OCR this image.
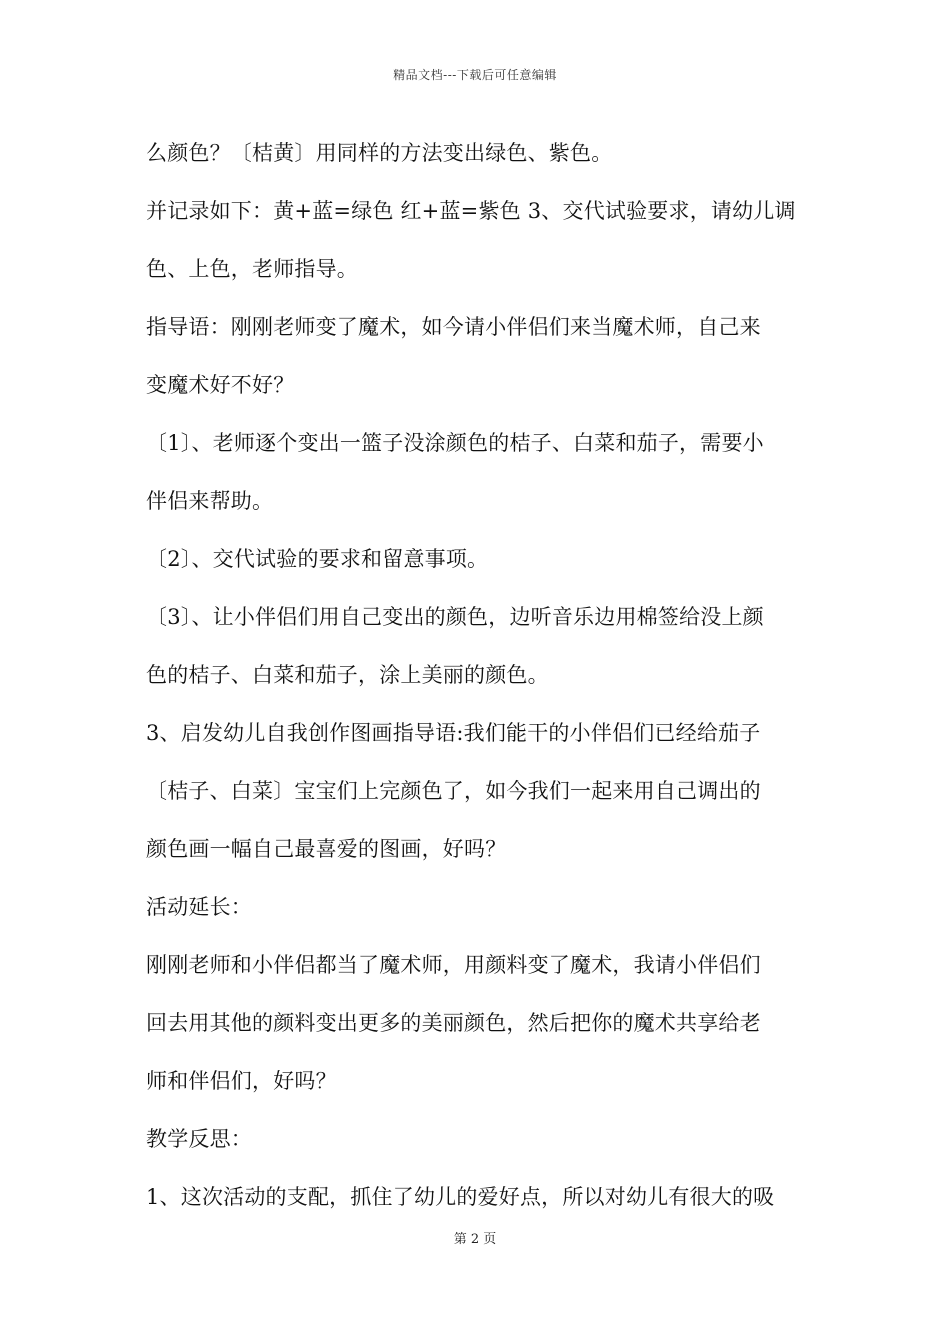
精品文档---下载后可任意编辑
么颜色？〔桔黄〕用同样的方法变出绿色、紫色。
并记录如下：黄+蓝=绿色 红+蓝=紫色 3、交代试验要求，请幼儿调
色、上色，老师指导。
指导语：刚刚老师变了魔术，如今请小伴侣们来当魔术师，自己来
变魔术好不好？
〔1〕、老师逐个变出一篮子没涂颜色的桔子、白菜和茄子，需要小
伴侣来帮助。
〔2〕、交代试验的要求和留意事项。
〔3〕、让小伴侣们用自己变出的颜色，边听音乐边用棉签给没上颜
色的桔子、白菜和茄子，涂上美丽的颜色。
3、启发幼儿自我创作图画指导语:我们能干的小伴侣们已经给茄子
〔桔子、白菜〕宝宝们上完颜色了，如今我们一起来用自己调出的
颜色画一幅自己最喜爱的图画，好吗？
活动延长：
刚刚老师和小伴侣都当了魔术师，用颜料变了魔术，我请小伴侣们
回去用其他的颜料变出更多的美丽颜色，然后把你的魔术共享给老
师和伴侣们，好吗？
教学反思：
1、这次活动的支配，抓住了幼儿的爱好点，所以对幼儿有很大的吸
第 2 页
